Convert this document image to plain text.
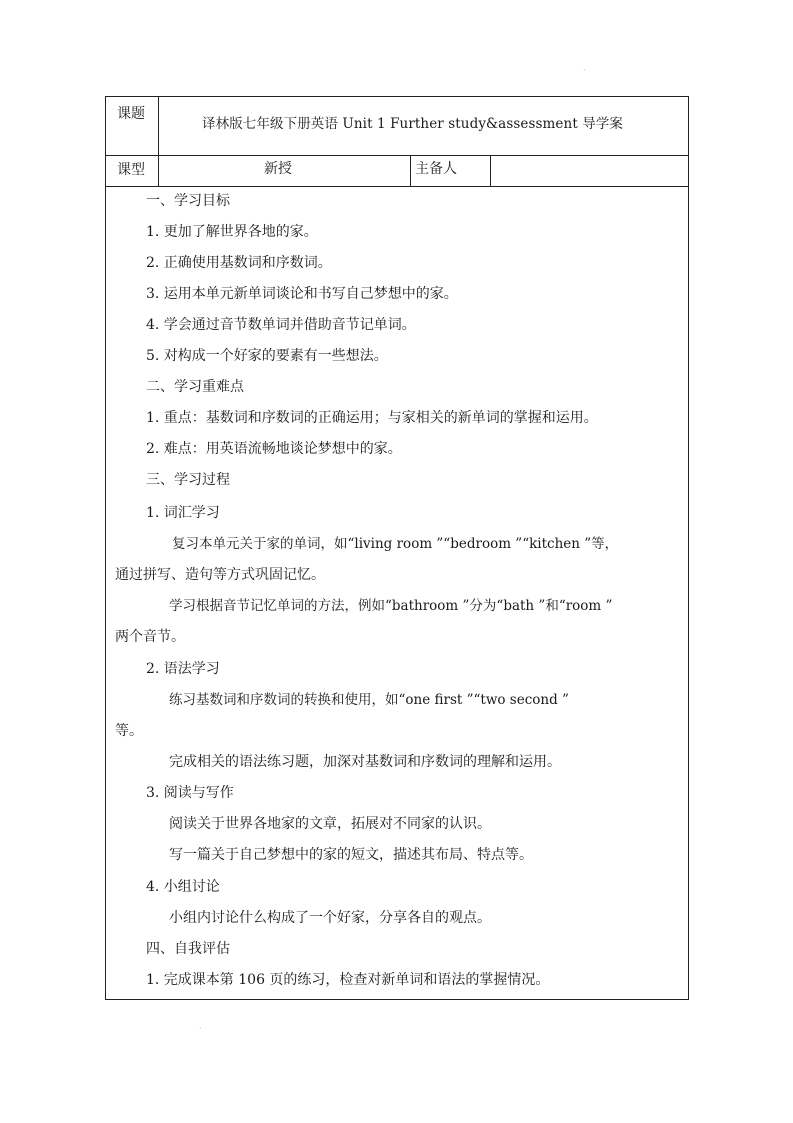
·
课题
译林版七年级下册英语 Unit 1 Further study&assessment 导学案
课型	新授	主备人
一、学习目标
1. 更加了解世界各地的家。
2. 正确使用基数词和序数词。
3. 运用本单元新单词谈论和书写自己梦想中的家。
4. 学会通过音节数单词并借助音节记单词。
5. 对构成一个好家的要素有一些想法。
二、学习重难点
1. 重点：基数词和序数词的正确运用；与家相关的新单词的掌握和运用。
2. 难点：用英语流畅地谈论梦想中的家。
三、学习过程
1. 词汇学习
复习本单元关于家的单词，如“living room ”“bedroom ”“kitchen ”等，
通过拼写、造句等方式巩固记忆。
学习根据音节记忆单词的方法，例如“bathroom ”分为“bath ”和“room ”
两个音节。
2. 语法学习
练习基数词和序数词的转换和使用，如“one first ”“two second ”
等。
完成相关的语法练习题，加深对基数词和序数词的理解和运用。
3. 阅读与写作
阅读关于世界各地家的文章，拓展对不同家的认识。
写一篇关于自己梦想中的家的短文，描述其布局、特点等。
4. 小组讨论
小组内讨论什么构成了一个好家，分享各自的观点。
四、自我评估
1. 完成课本第 106 页的练习，检查对新单词和语法的掌握情况。
·
